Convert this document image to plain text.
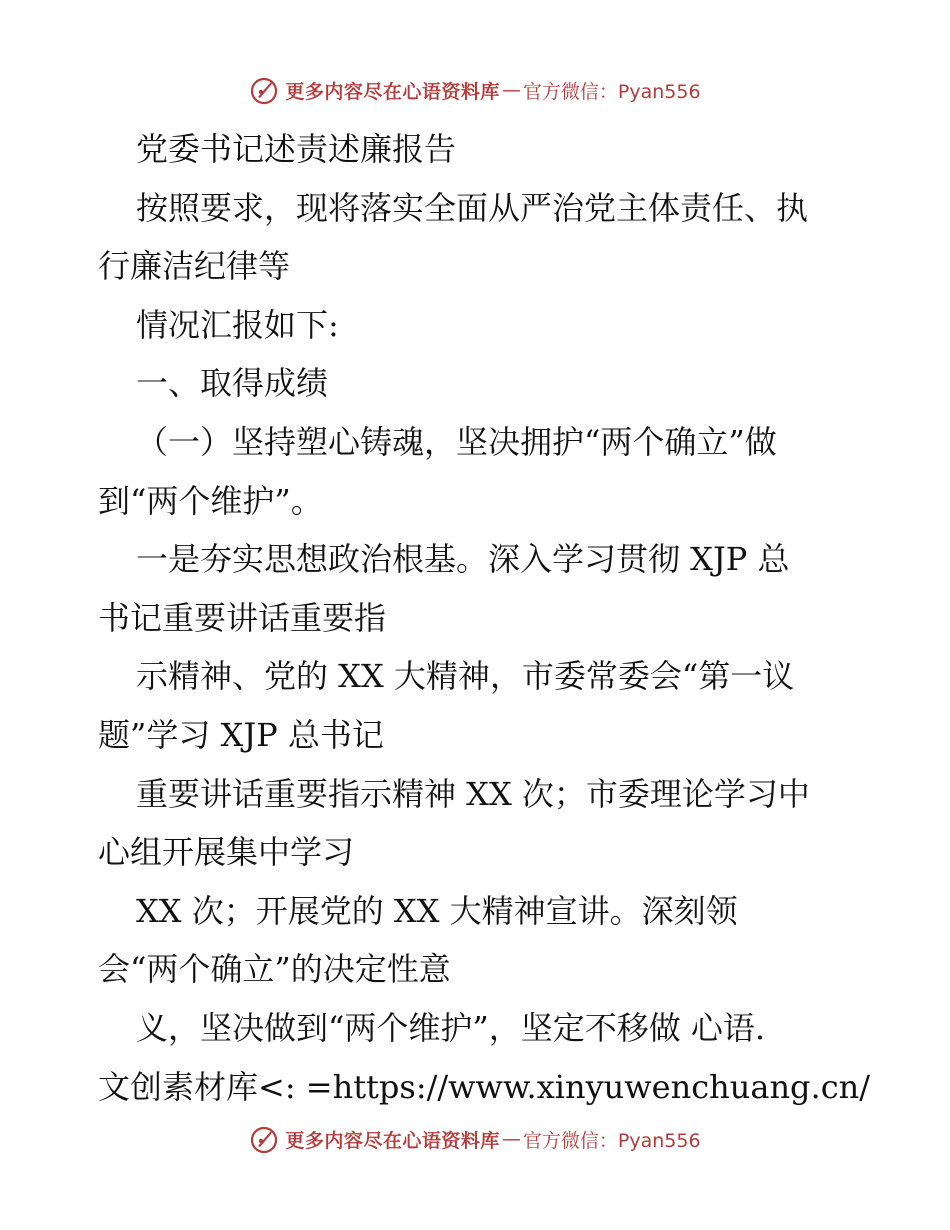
更多内容尽在心语资料库 — 官方微信：Pyan556
党委书记述责述廉报告
按照要求，现将落实全面从严治党主体责任、执
行廉洁纪律等
情况汇报如下:
一、取得成绩
（一）坚持塑心铸魂，坚决拥护“两个确立”做
到“两个维护”。
一是夯实思想政治根基。深入学习贯彻 XJP 总
书记重要讲话重要指
示精神、党的 XX 大精神，市委常委会“第一议
题”学习 XJP 总书记
重要讲话重要指示精神 XX 次；市委理论学习中
心组开展集中学习
XX 次；开展党的 XX 大精神宣讲。深刻领
会“两个确立”的决定性意
义，坚决做到“两个维护”，坚定不移做 心语.
文创素材库<: =https://www.xinyuwenchuang.cn/
更多内容尽在心语资料库 — 官方微信：Pyan556
